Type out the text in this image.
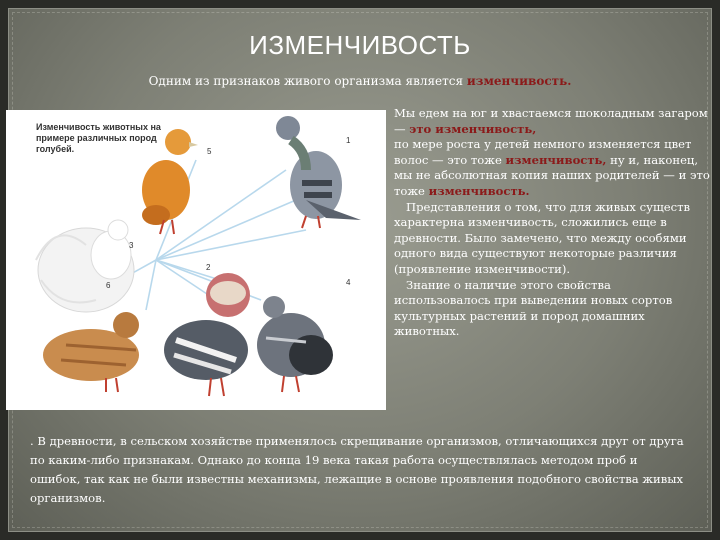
ИЗМЕНЧИВОСТЬ
Одним из признаков живого организма является изменчивость.
Изменчивость животных на примере различных пород голубей.
1
2
3
4
5
6

Мы едем на юг и хвастаемся шоколадным загаром — это изменчивость,

по мере роста у детей немного изменяется цвет волос — это тоже изменчивость, ну и, наконец, мы не абсолютная копия наших родителей — и это тоже изменчивость.

Представления о том, что для живых существ характерна изменчивость, сложились еще в древности. Было замечено, что между особями одного вида существуют некоторые различия (проявление изменчивости).

Знание о наличие этого свойства использовалось при выведении новых сортов культурных растений и пород домашних животных.

. В древности, в сельском хозяйстве применялось скрещивание организмов, отличающихся друг от друга по каким-либо признакам. Однако до конца 19 века такая работа осуществлялась методом проб и ошибок, так как не были известны механизмы, лежащие в основе проявления подобного свойства живых организмов.
